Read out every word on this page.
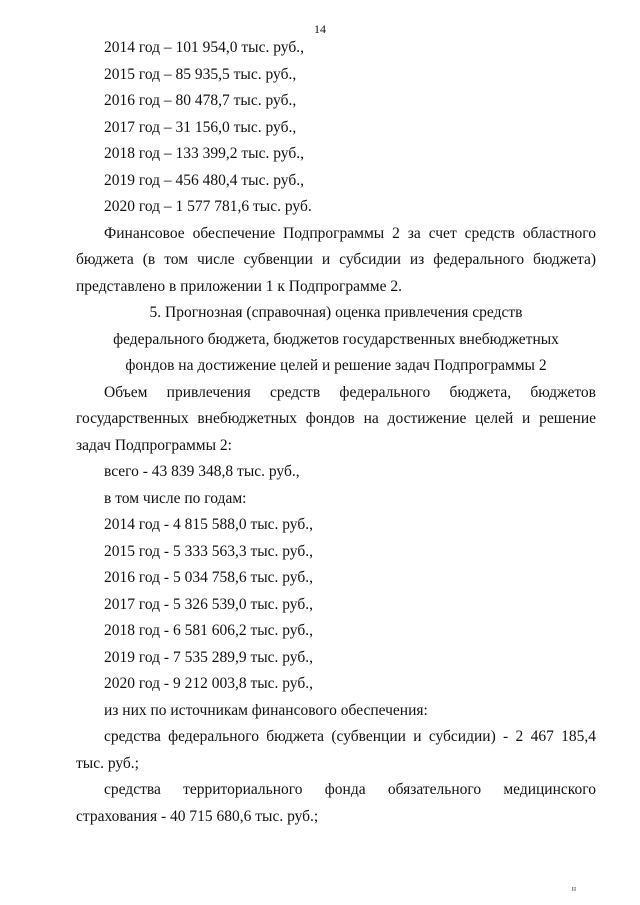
14
2014 год – 101 954,0 тыс. руб.,
2015 год – 85 935,5 тыс. руб.,
2016 год – 80 478,7 тыс. руб.,
2017 год – 31 156,0 тыс. руб.,
2018 год – 133 399,2 тыс. руб.,
2019 год – 456 480,4 тыс. руб.,
2020 год – 1 577 781,6 тыс. руб.

Финансовое обеспечение Подпрограммы 2 за счет средств областного бюджета (в том числе субвенции и субсидии из федерального бюджета) представлено в приложении 1 к Подпрограмме 2.

5. Прогнозная (справочная) оценка привлечения средств
федерального бюджета, бюджетов государственных внебюджетных
фондов на достижение целей и решение задач Подпрограммы 2

Объем привлечения средств федерального бюджета, бюджетов государственных внебюджетных фондов на достижение целей и решение задач Подпрограммы 2:

всего - 43 839 348,8 тыс. руб.,
в том числе по годам:
2014 год - 4 815 588,0 тыс. руб.,
2015 год - 5 333 563,3 тыс. руб.,
2016 год - 5 034 758,6 тыс. руб.,
2017 год - 5 326 539,0 тыс. руб.,
2018 год - 6 581 606,2 тыс. руб.,
2019 год - 7 535 289,9 тыс. руб.,
2020 год - 9 212 003,8 тыс. руб.,
из них по источникам финансового обеспечения:

средства федерального бюджета (субвенции и субсидии) - 2 467 185,4 тыс. руб.;

средства территориального фонда обязательного медицинского страхования - 40 715 680,6 тыс. руб.;

н
